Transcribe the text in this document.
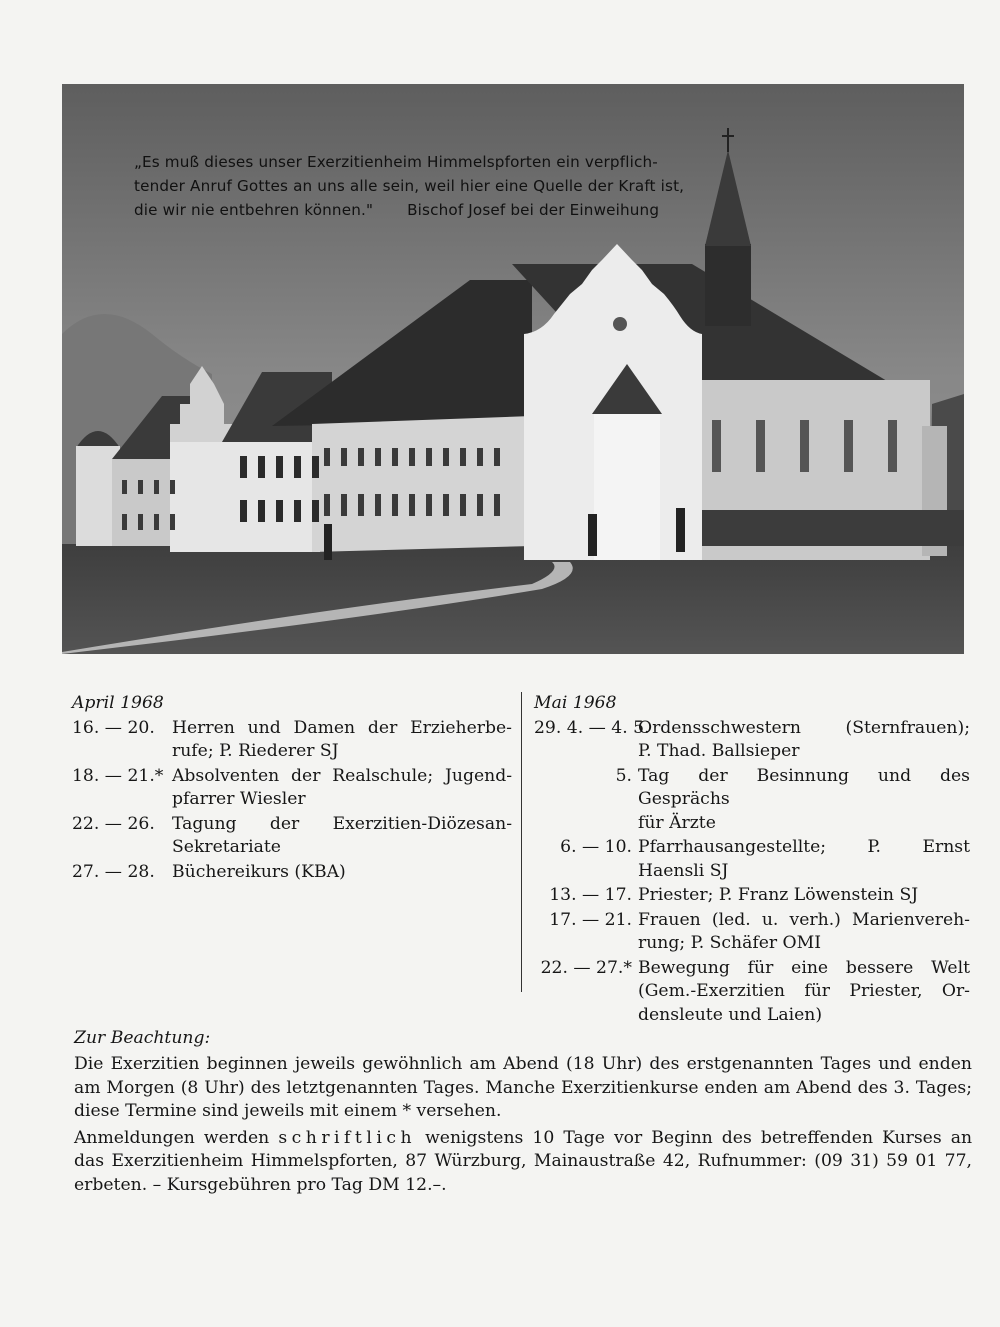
„Es muß dieses unser Exerzitienheim Himmelspforten ein verpflich-
tender Anruf Gottes an uns alle sein, weil hier eine Quelle der Kraft ist,
die wir nie entbehren können." Bischof Josef bei der Einweihung
April 1968
16. — 20.	Herren und Damen der Erzieherbe-
rufe; P. Riederer SJ
18. — 21.* Absolventen der Realschule; Jugend-
pfarrer Wiesler
22. — 26.	Tagung der Exerzitien-Diözesan-
Sekretariate
27. — 28.	Büchereikurs (KBA)
Mai 1968
29. 4. — 4. 5.
Ordensschwestern (Sternfrauen);
P. Thad. Ballsieper
5. Tag der Besinnung und des Gesprächs
für Ärzte
6. — 10. Pfarrhausangestellte; P. Ernst
Haensli SJ
13. — 17. Priester; P. Franz Löwenstein SJ
17. — 21. Frauen (led. u. verh.) Marienvereh-
rung; P. Schäfer OMI
22. — 27.* Bewegung für eine bessere Welt
(Gem.-Exerzitien für Priester, Or-
densleute und Laien)
Zur Beachtung:

Die Exerzitien beginnen jeweils gewöhnlich am Abend (18 Uhr) des erstgenannten Tages und enden
am Morgen (8 Uhr) des letztgenannten Tages. Manche Exerzitienkurse enden am Abend des 3. Tages;
diese Termine sind jeweils mit einem * versehen.

Anmeldungen werden schriftlich wenigstens 10 Tage vor Beginn des betreffenden Kurses an
das Exerzitienheim Himmelspforten, 87 Würzburg, Mainaustraße 42, Rufnummer: (09 31) 59 01 77,
erbeten. – Kursgebühren pro Tag DM 12.–.
